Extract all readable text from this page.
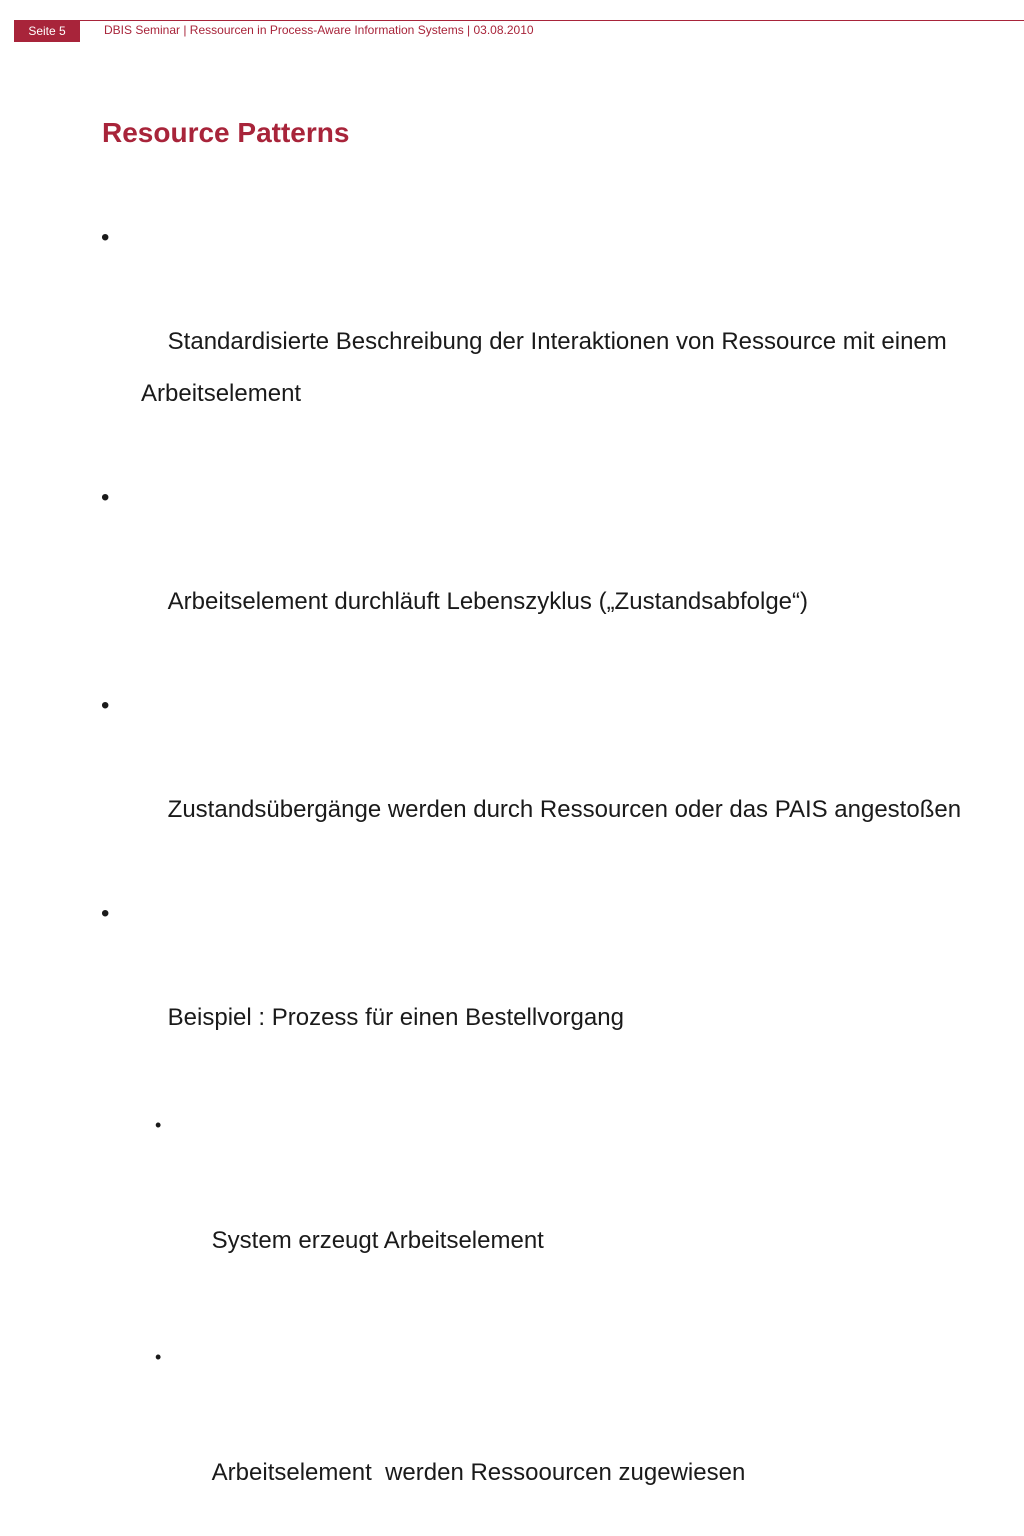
Seite 5	DBIS Seminar | Ressourcen in Process-Aware Information Systems | 03.08.2010
Resource Patterns

•

Standardisierte Beschreibung der Interaktionen von Ressource mit einem Arbeitselement

•

Arbeitselement durchläuft Lebenszyklus („Zustandsabfolge“)

•

Zustandsübergänge werden durch Ressourcen oder das PAIS angestoßen

•

Beispiel : Prozess für einen Bestellvorgang

•

System erzeugt Arbeitselement

•

Arbeitselement  werden Ressoourcen zugewiesen
